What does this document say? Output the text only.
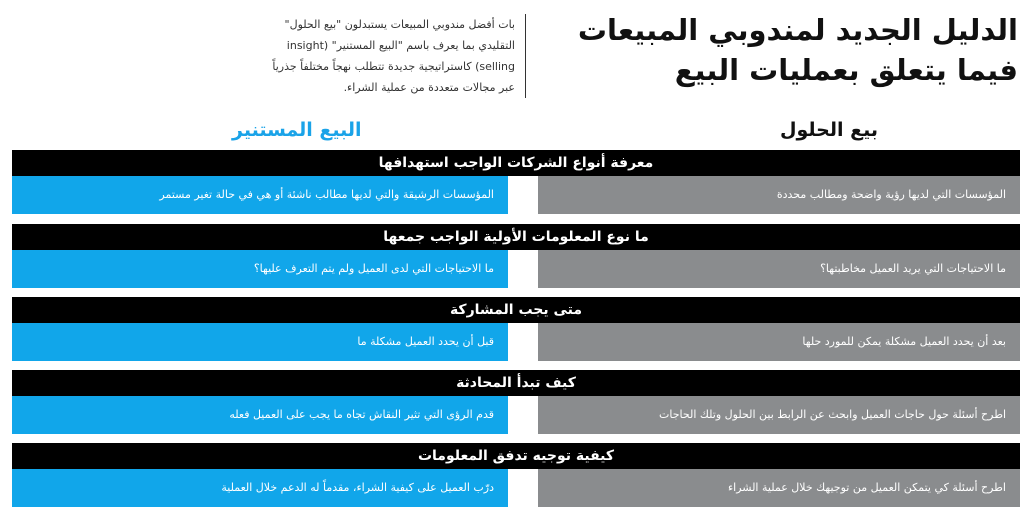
الدليل الجديد لمندوبي المبيعات فيما يتعلق بعمليات البيع
بات أفضل مندوبي المبيعات يستبدلون "بيع الحلول" التقليدي بما يعرف باسم "البيع المستنير" (insight selling) كاستراتيجية جديدة تتطلب نهجاً مختلفاً جذرياً عبر مجالات متعددة من عملية الشراء.
البيع المستنير	بيع الحلول
معرفة أنواع الشركات الواجب استهدافها
المؤسسات الرشيقة والتي لديها مطالب ناشئة أو هي في حالة تغير مستمر	المؤسسات التي لديها رؤية واضحة ومطالب محددة
ما نوع المعلومات الأولية الواجب جمعها
ما الاحتياجات التي لدى العميل ولم يتم التعرف عليها؟	ما الاحتياجات التي يريد العميل مخاطبتها؟
متى يجب المشاركة
قبل أن يحدد العميل مشكلة ما	بعد أن يحدد العميل مشكلة يمكن للمورد حلها
كيف تبدأ المحادثة
قدم الرؤى التي تثير النقاش تجاه ما يجب على العميل فعله	اطرح أسئلة حول حاجات العميل وابحث عن الرابط بين الحلول وتلك الحاجات
كيفية توجيه تدفق المعلومات
درّب العميل على كيفية الشراء، مقدماً له الدعم خلال العملية	اطرح أسئلة كي يتمكن العميل من توجيهك خلال عملية الشراء
